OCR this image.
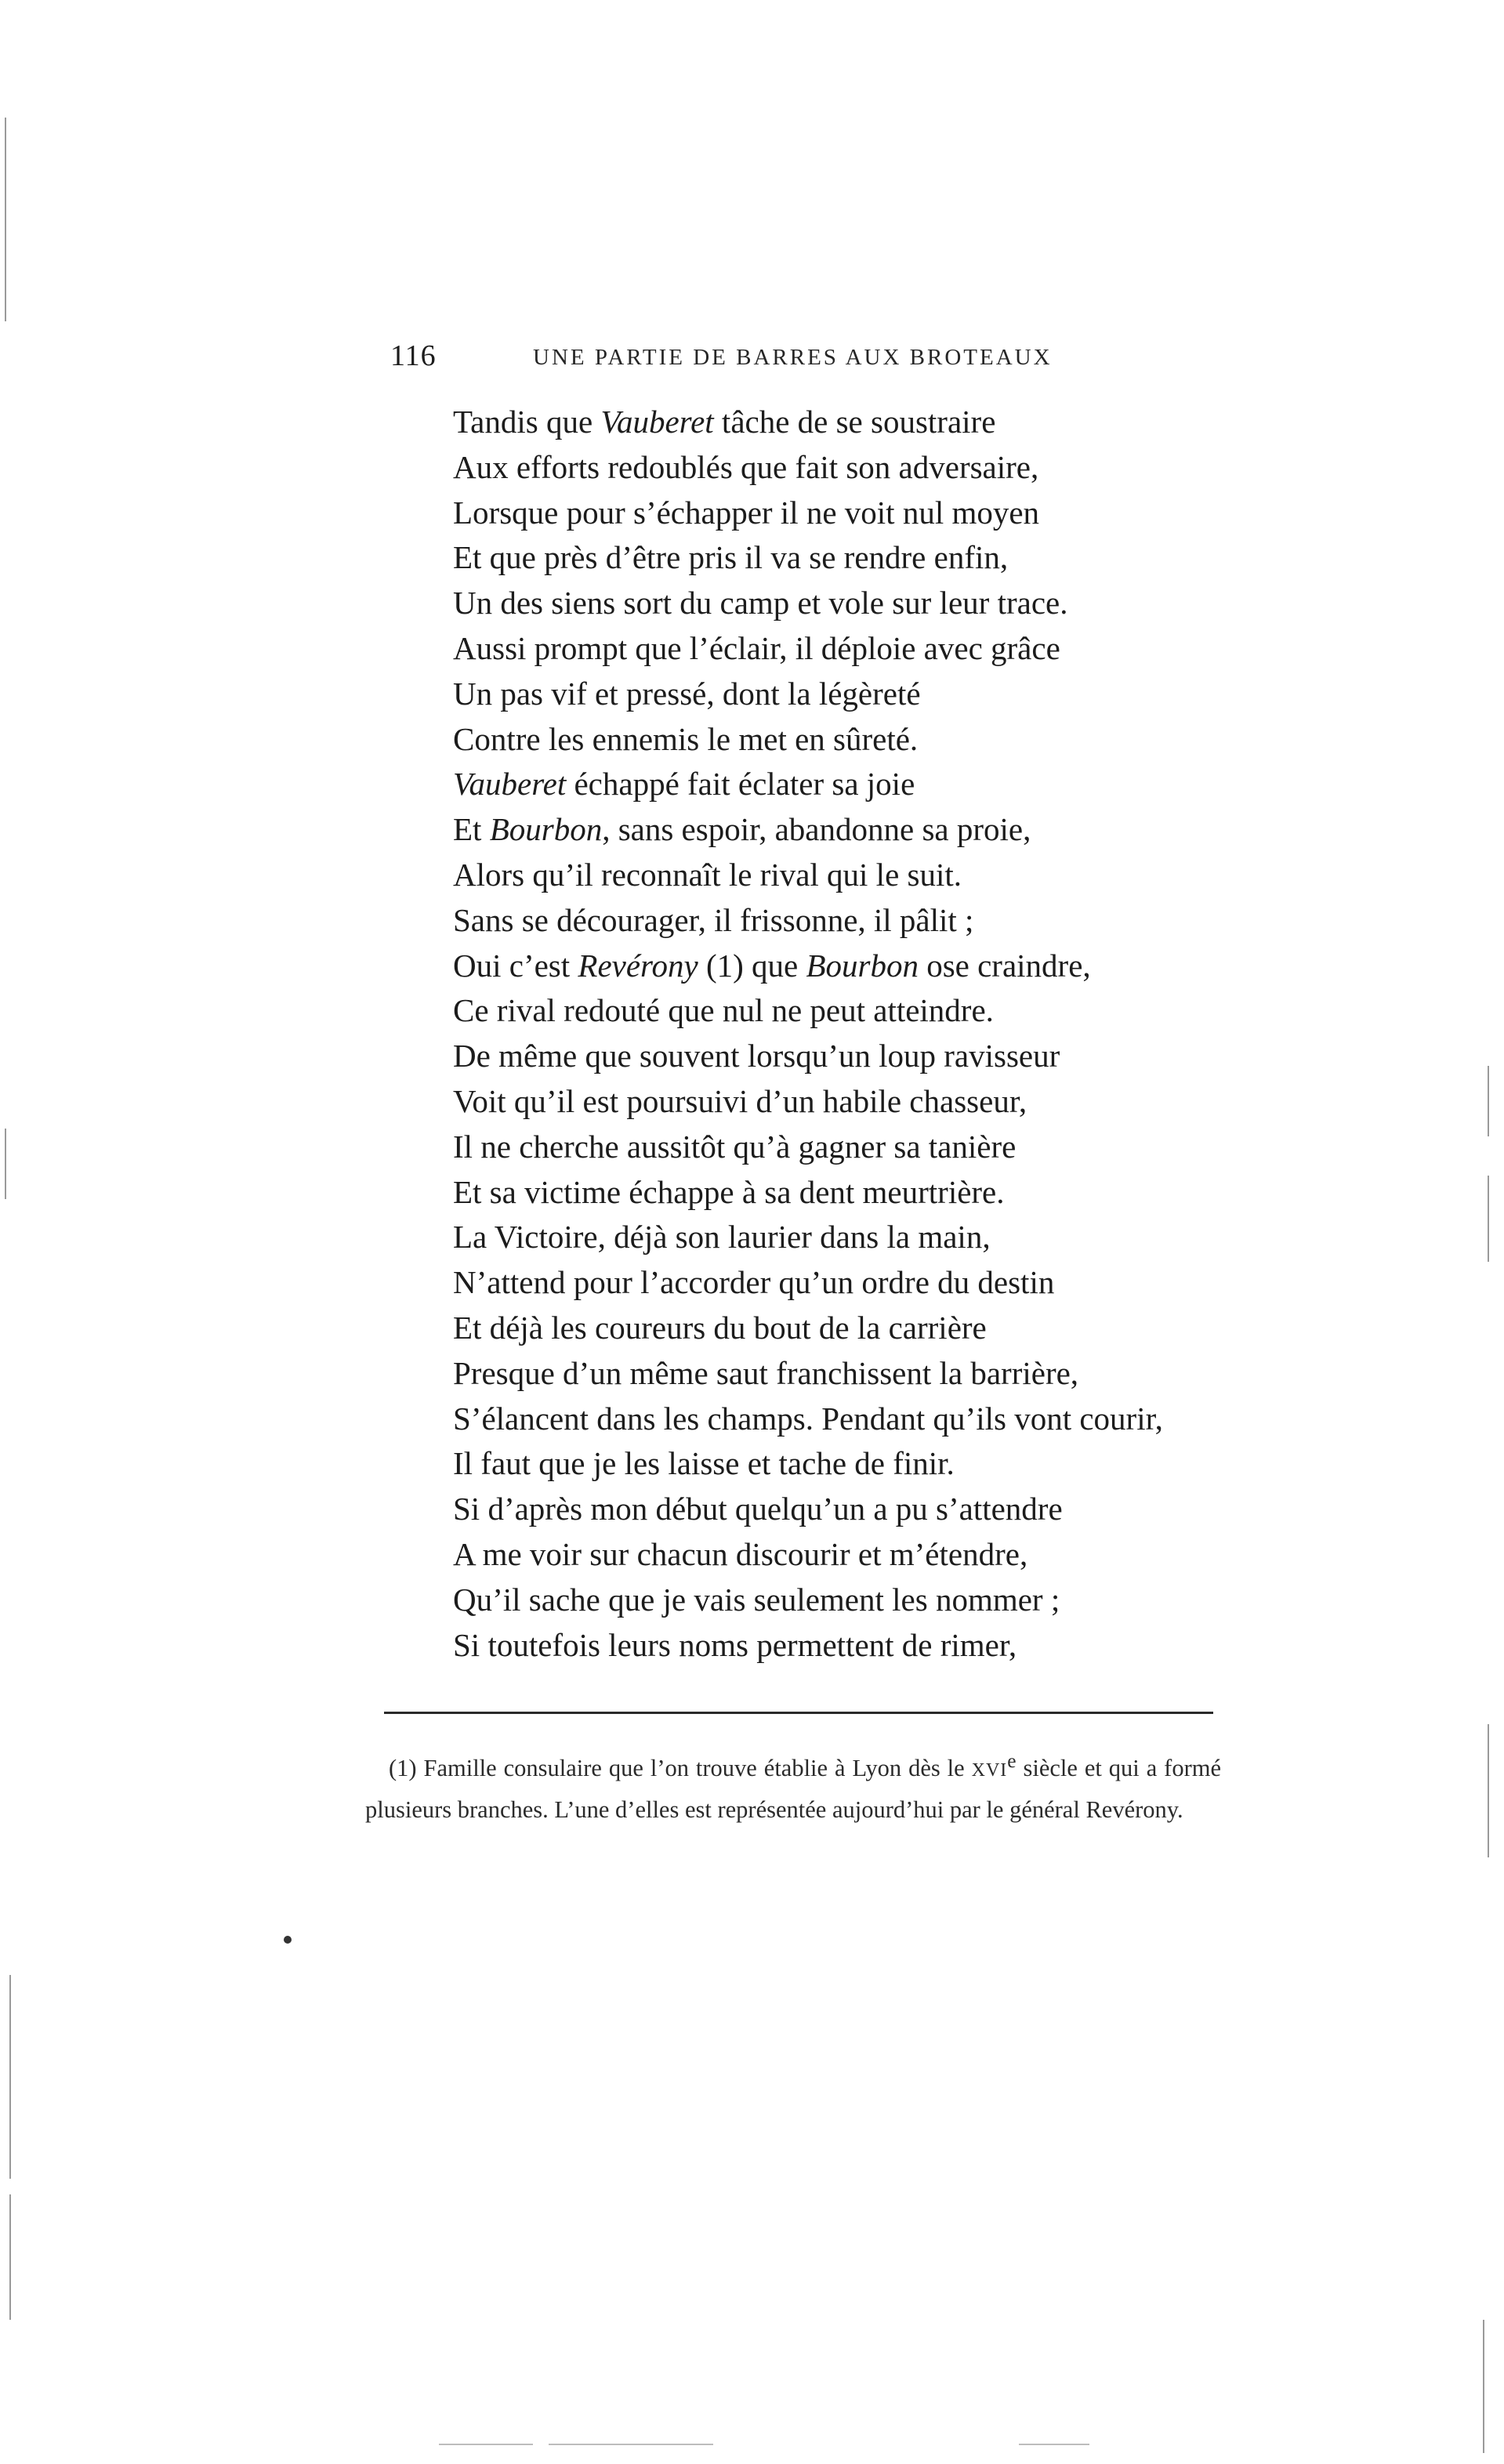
116	UNE PARTIE DE BARRES AUX BROTEAUX
Tandis que Vauberet tâche de se soustraire
Aux efforts redoublés que fait son adversaire,
Lorsque pour s’échapper il ne voit nul moyen
Et que près d’être pris il va se rendre enfin,
Un des siens sort du camp et vole sur leur trace.
Aussi prompt que l’éclair, il déploie avec grâce
Un pas vif et pressé, dont la légèreté
Contre les ennemis le met en sûreté.
Vauberet échappé fait éclater sa joie
Et Bourbon, sans espoir, abandonne sa proie,
Alors qu’il reconnaît le rival qui le suit.
Sans se décourager, il frissonne, il pâlit ;
Oui c’est Revérony (1) que Bourbon ose craindre,
Ce rival redouté que nul ne peut atteindre.
De même que souvent lorsqu’un loup ravisseur
Voit qu’il est poursuivi d’un habile chasseur,
Il ne cherche aussitôt qu’à gagner sa tanière
Et sa victime échappe à sa dent meurtrière.
La Victoire, déjà son laurier dans la main,
N’attend pour l’accorder qu’un ordre du destin
Et déjà les coureurs du bout de la carrière
Presque d’un même saut franchissent la barrière,
S’élancent dans les champs. Pendant qu’ils vont courir,
Il faut que je les laisse et tache de finir.
Si d’après mon début quelqu’un a pu s’attendre
A me voir sur chacun discourir et m’étendre,
Qu’il sache que je vais seulement les nommer ;
Si toutefois leurs noms permettent de rimer,
(1) Famille consulaire que l’on trouve établie à Lyon dès le XVIe siècle et qui a formé plusieurs branches. L’une d’elles est représentée aujourd’hui par le général Revérony.
